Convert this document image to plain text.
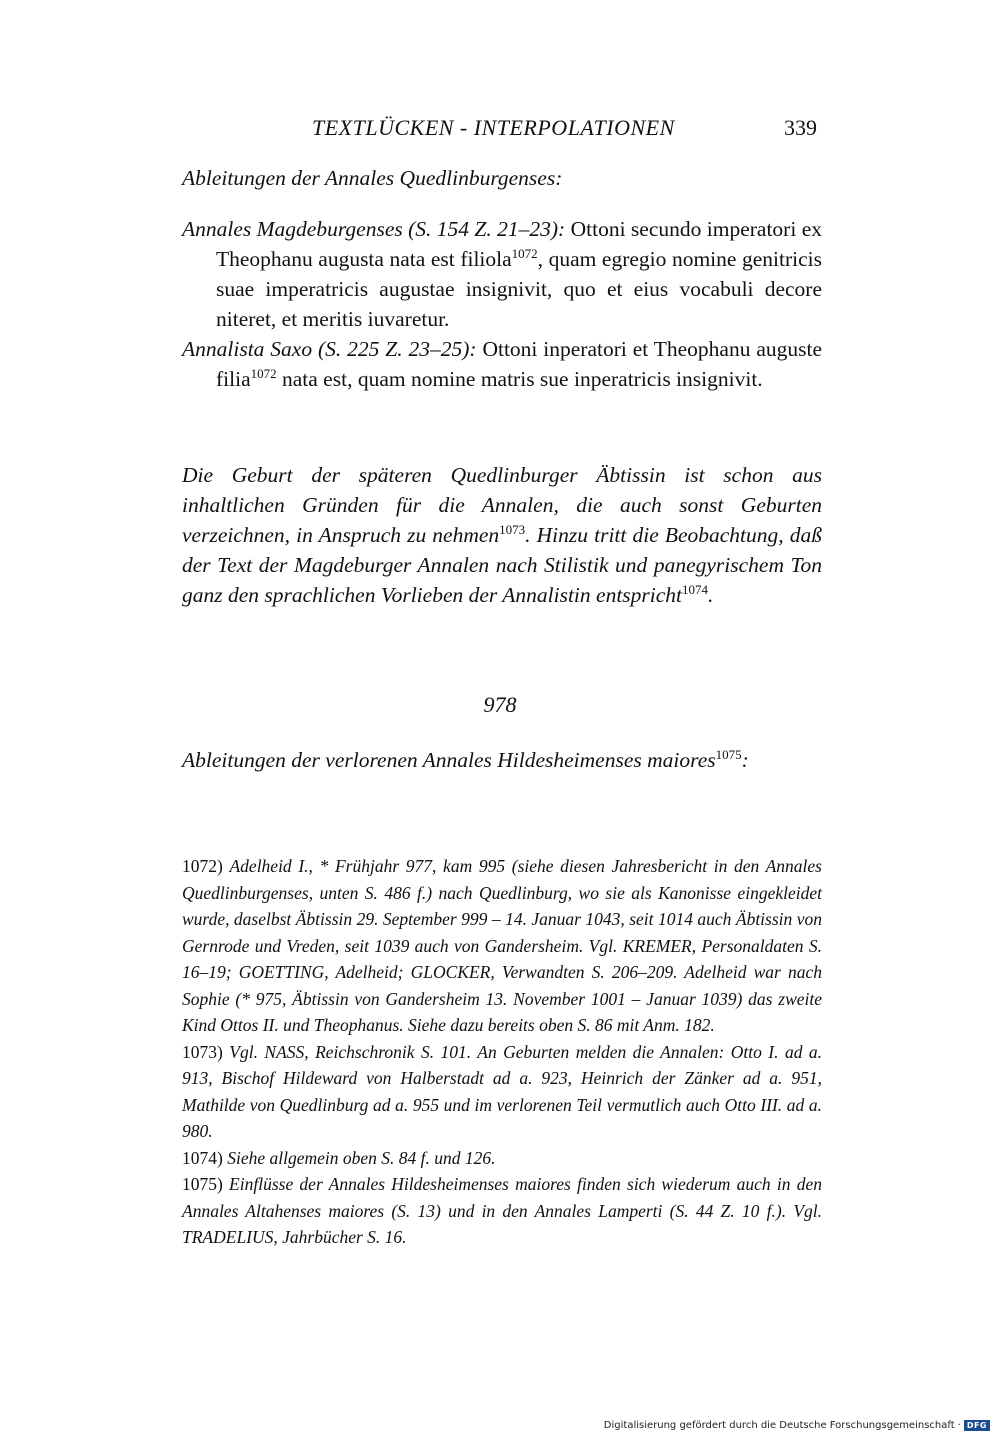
TEXTLÜCKEN - INTERPOLATIONEN	339
Ableitungen der Annales Quedlinburgenses:

Annales Magdeburgenses (S. 154 Z. 21–23): Ottoni secundo imperatori ex Theophanu augusta nata est filiola$^{1072}$, quam egregio nomine genitricis suae imperatricis augustae insignivit, quo et eius vocabuli decore niteret, et meritis iuvaretur.

Annalista Saxo (S. 225 Z. 23–25): Ottoni inperatori et Theophanu auguste filia$^{1072}$ nata est, quam nomine matris sue inperatricis insignivit.

Die Geburt der späteren Quedlinburger Äbtissin ist schon aus inhaltlichen Gründen für die Annalen, die auch sonst Geburten verzeichnen, in Anspruch zu nehmen$^{1073}$. Hinzu tritt die Beobachtung, daß der Text der Magdeburger Annalen nach Stilistik und panegyrischem Ton ganz den sprachlichen Vorlieben der Annalistin entspricht$^{1074}$.
978
Ableitungen der verlorenen Annales Hildesheimenses maiores$^{1075}$:

1072) Adelheid I., * Frühjahr 977, kam 995 (siehe diesen Jahresbericht in den Annales Quedlinburgenses, unten S. 486 f.) nach Quedlinburg, wo sie als Kanonisse eingekleidet wurde, daselbst Äbtissin 29. September 999 – 14. Januar 1043, seit 1014 auch Äbtissin von Gernrode und Vreden, seit 1039 auch von Gandersheim. Vgl. KREMER, Personaldaten S. 16–19; GOETTING, Adelheid; GLOCKER, Verwandten S. 206–209. Adelheid war nach Sophie (* 975, Äbtissin von Gandersheim 13. November 1001 – Januar 1039) das zweite Kind Ottos II. und Theophanus. Siehe dazu bereits oben S. 86 mit Anm. 182.

1073) Vgl. NASS, Reichschronik S. 101. An Geburten melden die Annalen: Otto I. ad a. 913, Bischof Hildeward von Halberstadt ad a. 923, Heinrich der Zänker ad a. 951, Mathilde von Quedlinburg ad a. 955 und im verlorenen Teil vermutlich auch Otto III. ad a. 980.

1074) Siehe allgemein oben S. 84 f. und 126.

1075) Einflüsse der Annales Hildesheimenses maiores finden sich wiederum auch in den Annales Altahenses maiores (S. 13) und in den Annales Lamperti (S. 44 Z. 10 f.). Vgl. TRADELIUS, Jahrbücher S. 16.

Digitalisierung gefördert durch die Deutsche Forschungsgemeinschaft · DFG
